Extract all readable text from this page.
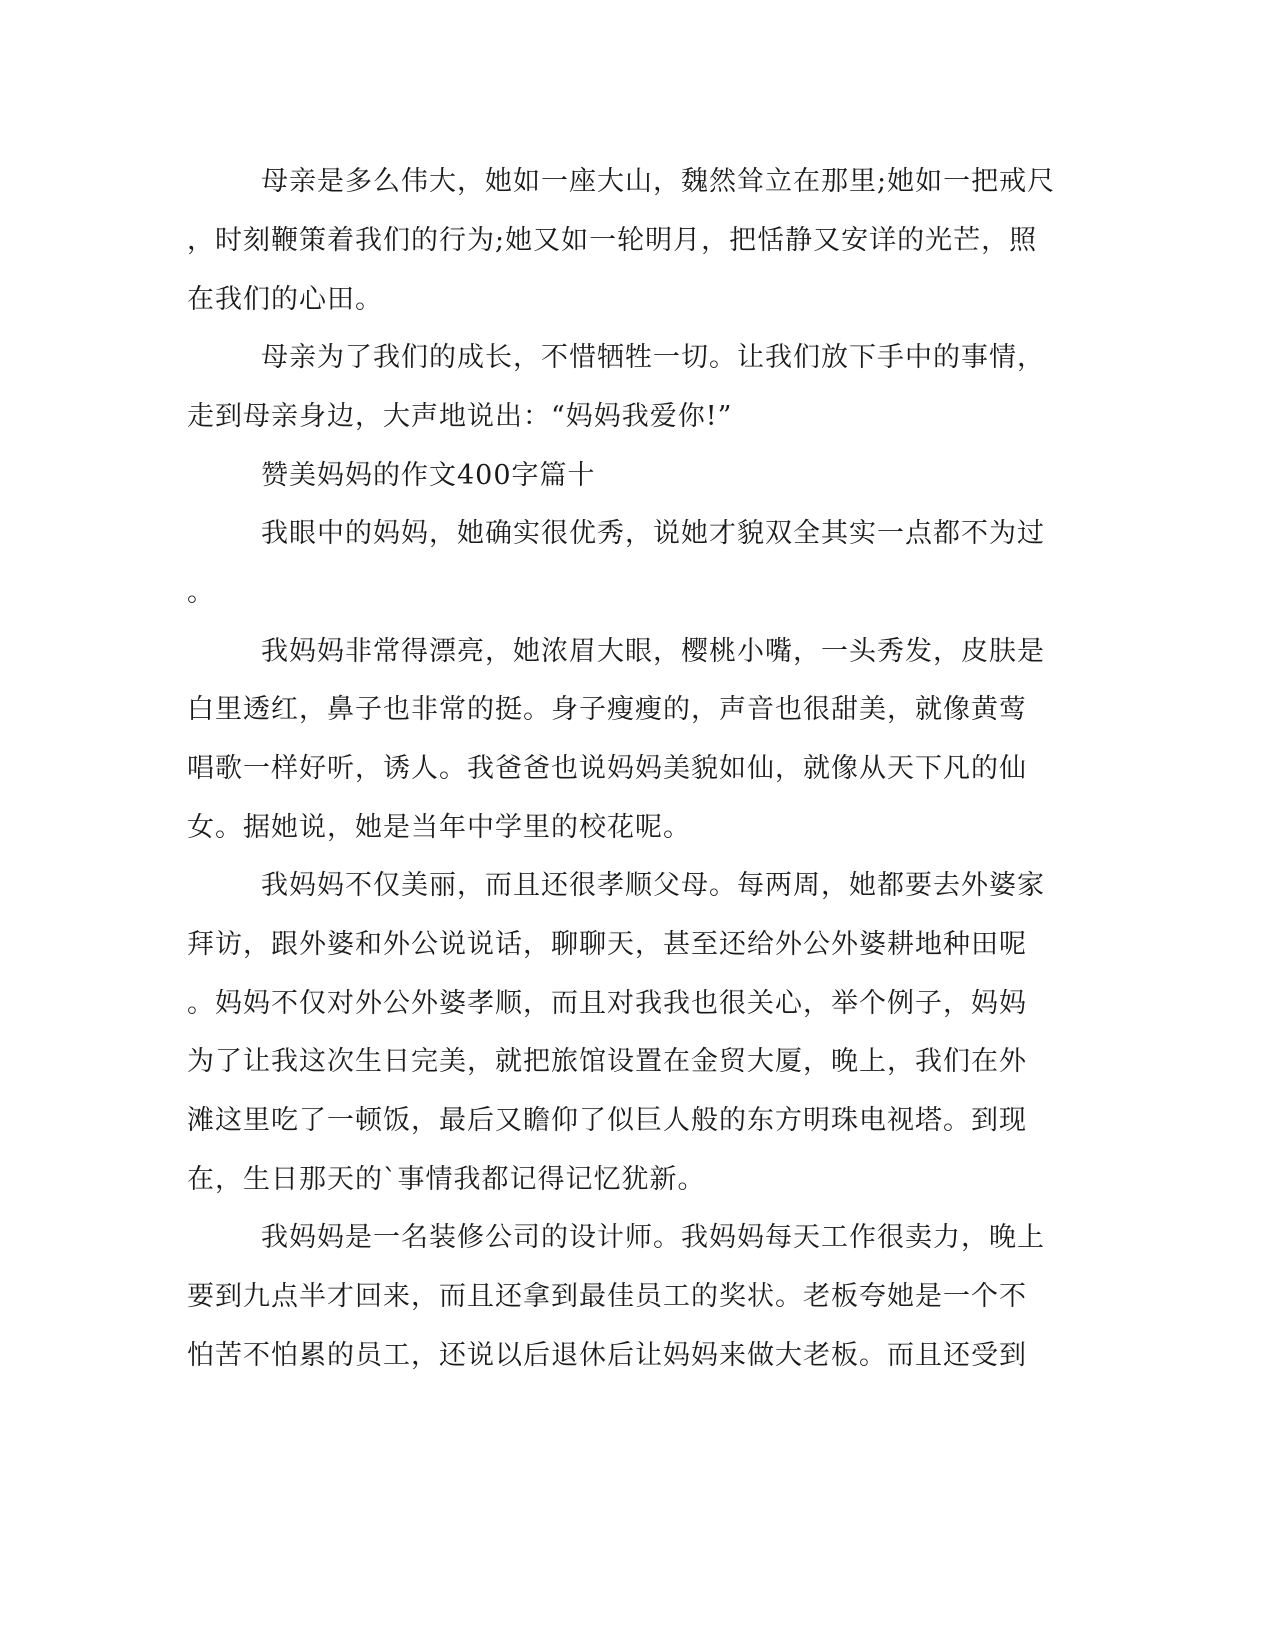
母亲是多么伟大，她如一座大山，魏然耸立在那里;她如一把戒尺

，时刻鞭策着我们的行为;她又如一轮明月，把恬静又安详的光芒，照

在我们的心田。

母亲为了我们的成长，不惜牺牲一切。让我们放下手中的事情，

走到母亲身边，大声地说出：“妈妈我爱你!”

赞美妈妈的作文400字篇十

我眼中的妈妈，她确实很优秀，说她才貌双全其实一点都不为过

。

我妈妈非常得漂亮，她浓眉大眼，樱桃小嘴，一头秀发，皮肤是

白里透红，鼻子也非常的挺。身子瘦瘦的，声音也很甜美，就像黄莺

唱歌一样好听，诱人。我爸爸也说妈妈美貌如仙，就像从天下凡的仙

女。据她说，她是当年中学里的校花呢。

我妈妈不仅美丽，而且还很孝顺父母。每两周，她都要去外婆家

拜访，跟外婆和外公说说话，聊聊天，甚至还给外公外婆耕地种田呢

。妈妈不仅对外公外婆孝顺，而且对我我也很关心，举个例子，妈妈

为了让我这次生日完美，就把旅馆设置在金贸大厦，晚上，我们在外

滩这里吃了一顿饭，最后又瞻仰了似巨人般的东方明珠电视塔。到现

在，生日那天的`事情我都记得记忆犹新。

我妈妈是一名装修公司的设计师。我妈妈每天工作很卖力，晚上

要到九点半才回来，而且还拿到最佳员工的奖状。老板夸她是一个不

怕苦不怕累的员工，还说以后退休后让妈妈来做大老板。而且还受到
